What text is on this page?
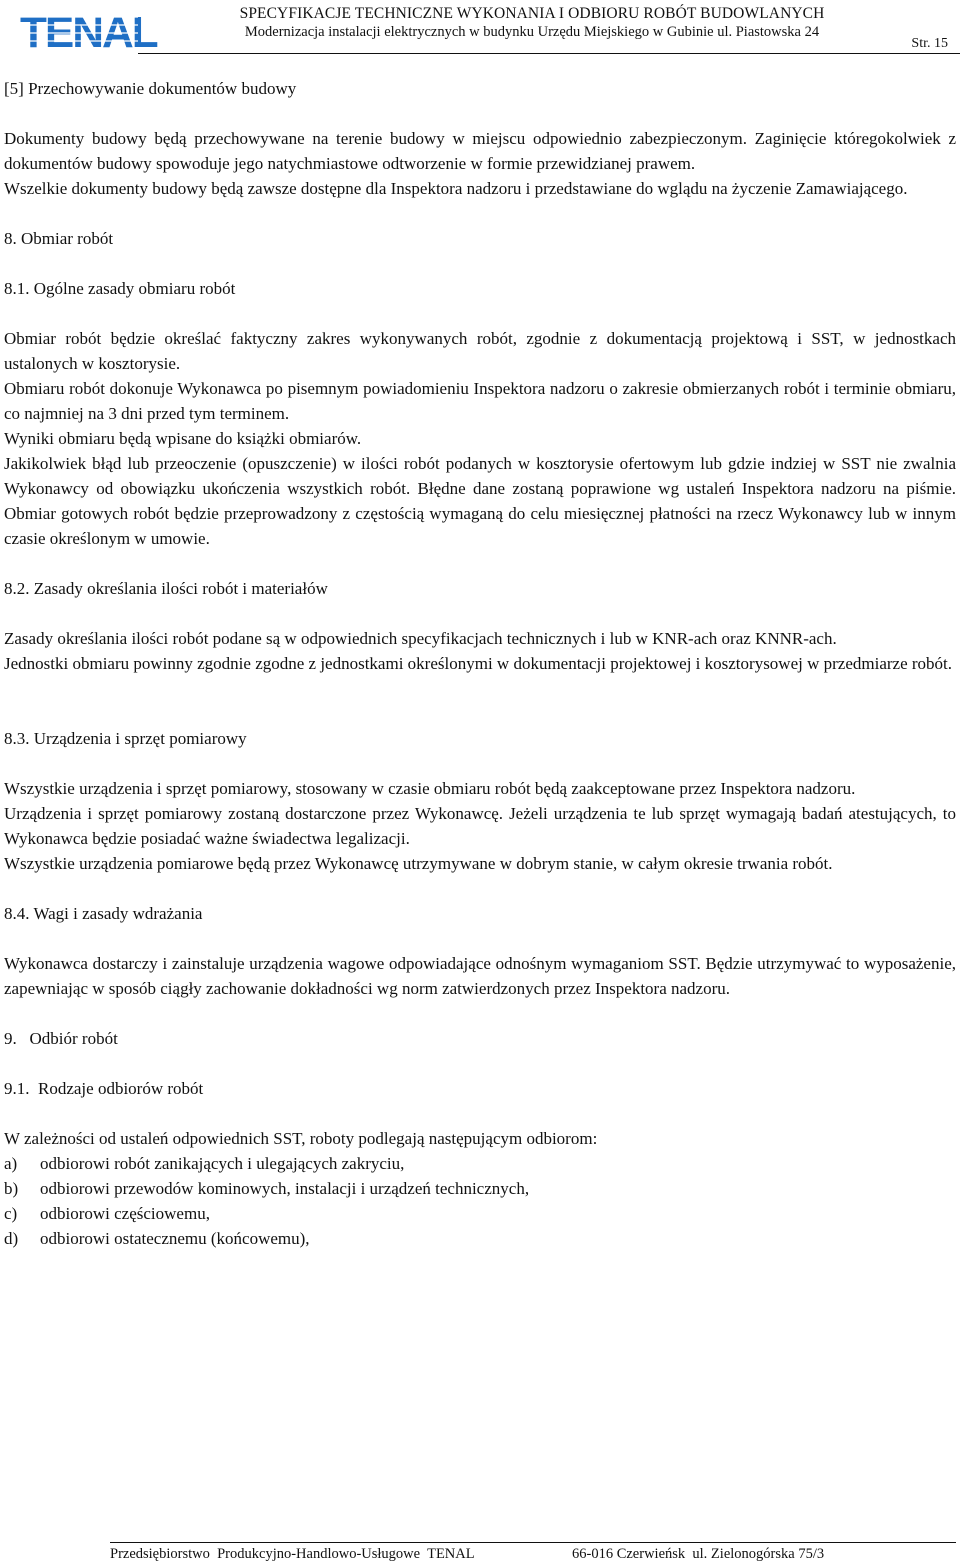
TENAL	SPECYFIKACJE TECHNICZNE WYKONANIA I ODBIORU ROBÓT BUDOWLANYCH
Modernizacja instalacji elektrycznych w budynku Urzędu Miejskiego w Gubinie ul. Piastowska 24
Str. 15

[5] Przechowywanie dokumentów budowy

Dokumenty budowy będą przechowywane na terenie budowy w miejscu odpowiednio zabezpieczonym. Zaginięcie któregokolwiek z dokumentów budowy spowoduje jego natychmiastowe odtworzenie w formie przewidzianej prawem.

Wszelkie dokumenty budowy będą zawsze dostępne dla Inspektora nadzoru i przedstawiane do wglądu na życzenie Zamawiającego.

8. Obmiar robót

8.1. Ogólne zasady obmiaru robót

Obmiar robót będzie określać faktyczny zakres wykonywanych robót, zgodnie z dokumentacją projektową i SST, w jednostkach ustalonych w kosztorysie.

Obmiaru robót dokonuje Wykonawca po pisemnym powiadomieniu Inspektora nadzoru o zakresie obmierzanych robót i terminie obmiaru, co najmniej na 3 dni przed tym terminem.

Wyniki obmiaru będą wpisane do książki obmiarów.

Jakikolwiek błąd lub przeoczenie (opuszczenie) w ilości robót podanych w kosztorysie ofertowym lub gdzie indziej w SST nie zwalnia Wykonawcy od obowiązku ukończenia wszystkich robót. Błędne dane zostaną poprawione wg ustaleń Inspektora nadzoru na piśmie. Obmiar gotowych robót będzie przeprowadzony z częstością wymaganą do celu miesięcznej płatności na rzecz Wykonawcy lub w innym czasie określonym w umowie.

8.2. Zasady określania ilości robót i materiałów

Zasady określania ilości robót podane są w odpowiednich specyfikacjach technicznych i lub w KNR-ach oraz KNNR-ach.

Jednostki obmiaru powinny zgodnie zgodne z jednostkami określonymi w dokumentacji projektowej i kosztorysowej w przedmiarze robót.

8.3. Urządzenia i sprzęt pomiarowy

Wszystkie urządzenia i sprzęt pomiarowy, stosowany w czasie obmiaru robót będą zaakceptowane przez Inspektora nadzoru.

Urządzenia i sprzęt pomiarowy zostaną dostarczone przez Wykonawcę. Jeżeli urządzenia te lub sprzęt wymagają badań atestujących, to Wykonawca będzie posiadać ważne świadectwa legalizacji.

Wszystkie urządzenia pomiarowe będą przez Wykonawcę utrzymywane w dobrym stanie, w całym okresie trwania robót.

8.4. Wagi i zasady wdrażania

Wykonawca dostarczy i zainstaluje urządzenia wagowe odpowiadające odnośnym wymaganiom SST. Będzie utrzymywać to wyposażenie, zapewniając w sposób ciągły zachowanie dokładności wg norm zatwierdzonych przez Inspektora nadzoru.

9.   Odbiór robót

9.1.  Rodzaje odbiorów robót

W zależności od ustaleń odpowiednich SST, roboty podlegają następującym odbiorom:

a)	odbiorowi robót zanikających i ulegających zakryciu,
b)	odbiorowi przewodów kominowych, instalacji i urządzeń technicznych,
c)	odbiorowi częściowemu,
d)	odbiorowi ostatecznemu (końcowemu),
Przedsiębiorstwo  Produkcyjno-Handlowo-Usługowe  TENAL	66-016 Czerwieńsk  ul. Zielonogórska 75/3
